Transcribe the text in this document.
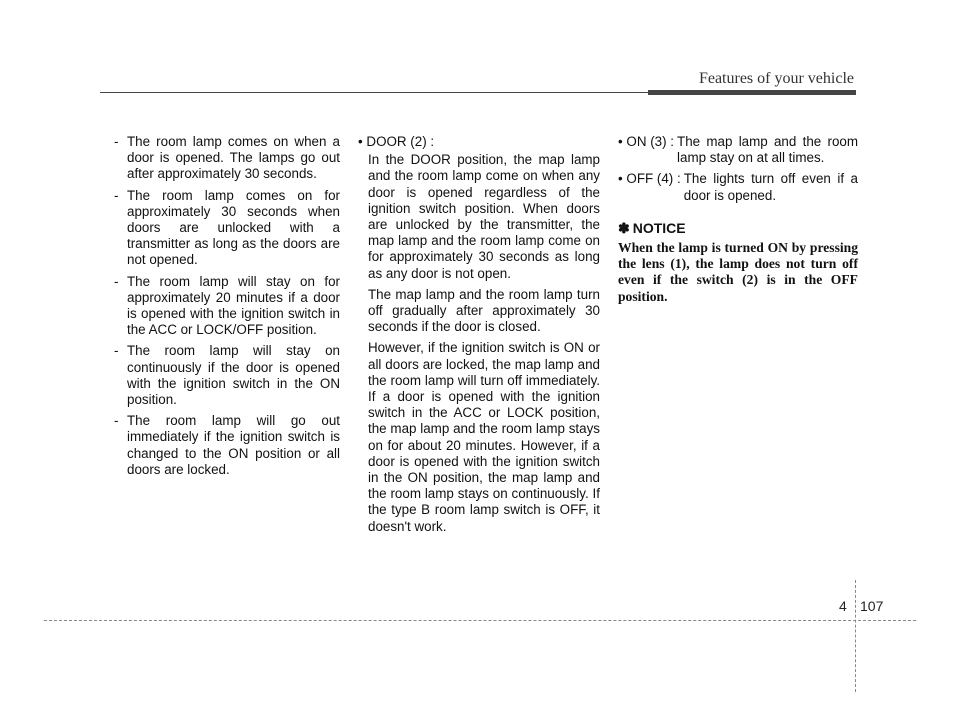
Features of your vehicle
- The room lamp comes on when a door is opened. The lamps go out after approximately 30 seconds.
- The room lamp comes on for approximately 30 seconds when doors are unlocked with a transmitter as long as the doors are not opened.
- The room lamp will stay on for approximately 20 minutes if a door is opened with the ignition switch in the ACC or LOCK/OFF position.
- The room lamp will stay on continuously if the door is opened with the ignition switch in the ON position.
- The room lamp will go out immediately if the ignition switch is changed to the ON position or all doors are locked.
• DOOR (2) :
In the DOOR position, the map lamp and the room lamp come on when any door is opened regardless of the ignition switch position. When doors are unlocked by the transmitter, the map lamp and the room lamp come on for approximately 30 seconds as long as any door is not open.
The map lamp and the room lamp turn off gradually after approximately 30 seconds if the door is closed.
However, if the ignition switch is ON or all doors are locked, the map lamp and the room lamp will turn off immediately. If a door is opened with the ignition switch in the ACC or LOCK position, the map lamp and the room lamp stays on for about 20 minutes. However, if a door is opened with the ignition switch in the ON position, the map lamp and the room lamp stays on continuously. If the type B room lamp switch is OFF, it doesn't work.
• ON (3) : The map lamp and the room lamp stay on at all times.
• OFF (4) : The lights turn off even if a door is opened.
✽ NOTICE
When the lamp is turned ON by pressing the lens (1), the lamp does not turn off even if the switch (2) is in the OFF position.
4 107
